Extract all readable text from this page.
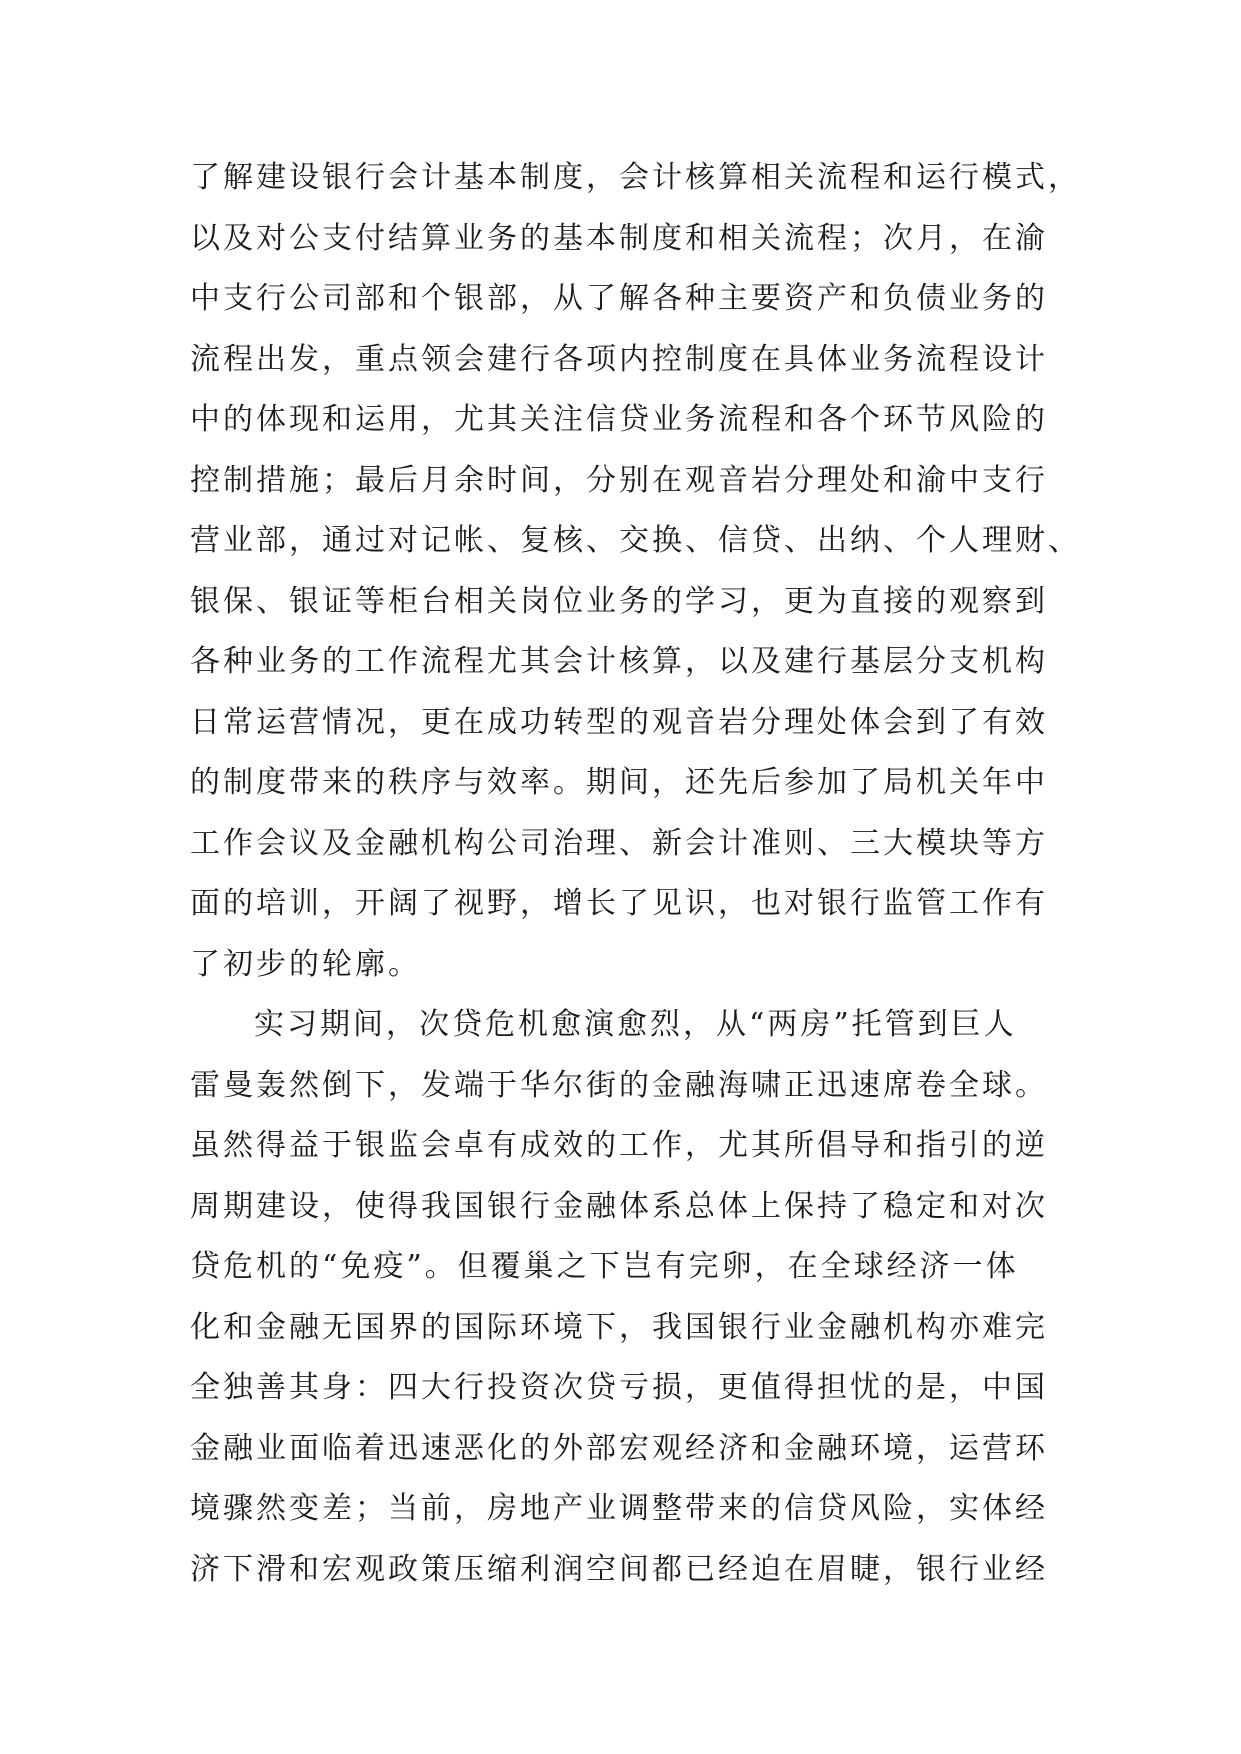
了解建设银行会计基本制度，会计核算相关流程和运行模式，
以及对公支付结算业务的基本制度和相关流程；次月，在渝
中支行公司部和个银部，从了解各种主要资产和负债业务的
流程出发，重点领会建行各项内控制度在具体业务流程设计
中的体现和运用，尤其关注信贷业务流程和各个环节风险的
控制措施；最后月余时间，分别在观音岩分理处和渝中支行
营业部，通过对记帐、复核、交换、信贷、出纳、个人理财、
银保、银证等柜台相关岗位业务的学习，更为直接的观察到
各种业务的工作流程尤其会计核算，以及建行基层分支机构
日常运营情况，更在成功转型的观音岩分理处体会到了有效
的制度带来的秩序与效率。期间，还先后参加了局机关年中
工作会议及金融机构公司治理、新会计准则、三大模块等方
面的培训，开阔了视野，增长了见识，也对银行监管工作有
了初步的轮廓。
实习期间，次贷危机愈演愈烈，从“两房”托管到巨人
雷曼轰然倒下，发端于华尔街的金融海啸正迅速席卷全球。
虽然得益于银监会卓有成效的工作，尤其所倡导和指引的逆
周期建设，使得我国银行金融体系总体上保持了稳定和对次
贷危机的“免疫”。但覆巢之下岂有完卵，在全球经济一体
化和金融无国界的国际环境下，我国银行业金融机构亦难完
全独善其身：四大行投资次贷亏损，更值得担忧的是，中国
金融业面临着迅速恶化的外部宏观经济和金融环境，运营环
境骤然变差；当前，房地产业调整带来的信贷风险，实体经
济下滑和宏观政策压缩利润空间都已经迫在眉睫，银行业经
